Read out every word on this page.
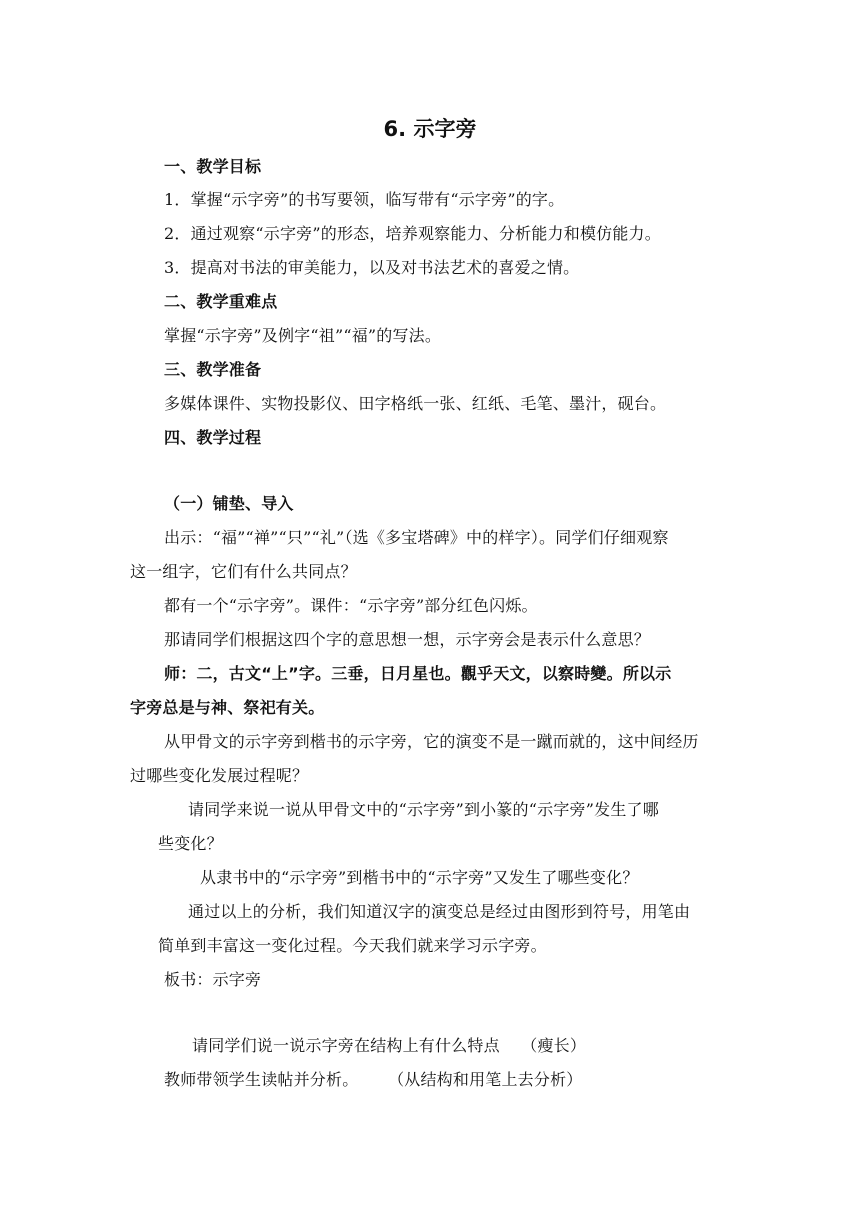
6. 示字旁
一、教学目标
1．掌握“示字旁”的书写要领，临写带有“示字旁”的字。
2．通过观察“示字旁”的形态，培养观察能力、分析能力和模仿能力。
3．提高对书法的审美能力，以及对书法艺术的喜爱之情。
二、教学重难点
掌握“示字旁”及例字“祖”“福”的写法。
三、教学准备
多媒体课件、实物投影仪、田字格纸一张、红纸、毛笔、墨汁，砚台。
四、教学过程
（一）铺垫、导入
出示：“福”“禅”“只”“礼”（选《多宝塔碑》中的样字）。同学们仔细观察
这一组字，它们有什么共同点？
都有一个“示字旁”。课件：“示字旁”部分红色闪烁。
那请同学们根据这四个字的意思想一想，示字旁会是表示什么意思？
师：二，古文“上”字。三垂，日月星也。觀乎天文，以察時變。所以示
字旁总是与神、祭祀有关。
从甲骨文的示字旁到楷书的示字旁，它的演变不是一蹴而就的，这中间经历
过哪些变化发展过程呢？
请同学来说一说从甲骨文中的“示字旁”到小篆的“示字旁”发生了哪
些变化？
从隶书中的“示字旁”到楷书中的“示字旁”又发生了哪些变化？
通过以上的分析，我们知道汉字的演变总是经过由图形到符号，用笔由
简单到丰富这一变化过程。今天我们就来学习示字旁。
板书：示字旁
请同学们说一说示字旁在结构上有什么特点　 （瘦长）
教师带领学生读帖并分析。　　 （从结构和用笔上去分析）
